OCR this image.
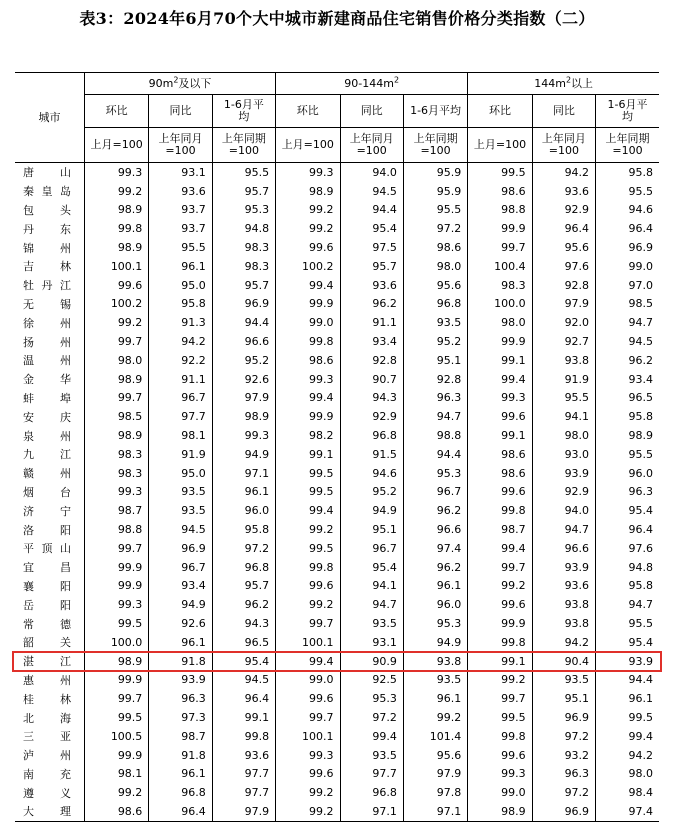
表3：2024年6月70个大中城市新建商品住宅销售价格分类指数（二）
城市	$90m^2$及以下			$90-144m^2$			$144m^2$以上		
	环比	同比	1-6月平均	环比	同比	1-6月平均	环比	同比	1-6月平均
	上月=100	上年同月=100	上年同期=100	上月=100	上年同月=100	上年同期=100	上月=100	上年同月=100	上年同期=100

唐 山	99.3	93.1	95.5	99.3	94.0	95.9	99.5	94.2	95.8

秦 皇 岛	99.2	93.6	95.7	98.9	94.5	95.9	98.6	93.6	95.5

包 头	98.9	93.7	95.3	99.2	94.4	95.5	98.8	92.9	94.6

丹 东	99.8	93.7	94.8	99.2	95.4	97.2	99.9	96.4	96.4

锦 州	98.9	95.5	98.3	99.6	97.5	98.6	99.7	95.6	96.9

吉 林	100.1	96.1	98.3	100.2	95.7	98.0	100.4	97.6	99.0

牡 丹 江	99.6	95.0	95.7	99.4	93.6	95.6	98.3	92.8	97.0

无 锡	100.2	95.8	96.9	99.9	96.2	96.8	100.0	97.9	98.5

徐 州	99.2	91.3	94.4	99.0	91.1	93.5	98.0	92.0	94.7

扬 州	99.7	94.2	96.6	99.8	93.4	95.2	99.9	92.7	94.5

温 州	98.0	92.2	95.2	98.6	92.8	95.1	99.1	93.8	96.2

金 华	98.9	91.1	92.6	99.3	90.7	92.8	99.4	91.9	93.4

蚌 埠	99.7	96.7	97.9	99.4	94.3	96.3	99.3	95.5	96.5

安 庆	98.5	97.7	98.9	99.9	92.9	94.7	99.6	94.1	95.8

泉 州	98.9	98.1	99.3	98.2	96.8	98.8	99.1	98.0	98.9

九 江	98.3	91.9	94.9	99.1	91.5	94.4	98.6	93.0	95.5

赣 州	98.3	95.0	97.1	99.5	94.6	95.3	98.6	93.9	96.0

烟 台	99.3	93.5	96.1	99.5	95.2	96.7	99.6	92.9	96.3

济 宁	98.7	93.5	96.0	99.4	94.9	96.2	99.8	94.0	95.4

洛 阳	98.8	94.5	95.8	99.2	95.1	96.6	98.7	94.7	96.4

平 顶 山	99.7	96.9	97.2	99.5	96.7	97.4	99.4	96.6	97.6

宜 昌	99.9	96.7	96.8	99.8	95.4	96.2	99.7	93.9	94.8

襄 阳	99.9	93.4	95.7	99.6	94.1	96.1	99.2	93.6	95.8

岳 阳	99.3	94.9	96.2	99.2	94.7	96.0	99.6	93.8	94.7

常 德	99.5	92.6	94.3	99.7	93.5	95.3	99.9	93.8	95.5

韶 关	100.0	96.1	96.5	100.1	93.1	94.9	99.8	94.2	95.4

湛 江	98.9	91.8	95.4	99.4	90.9	93.8	99.1	90.4	93.9

惠 州	99.9	93.9	94.5	99.0	92.5	93.5	99.2	93.5	94.4

桂 林	99.7	96.3	96.4	99.6	95.3	96.1	99.7	95.1	96.1

北 海	99.5	97.3	99.1	99.7	97.2	99.2	99.5	96.9	99.5

三 亚	100.5	98.7	99.8	100.1	99.4	101.4	99.8	97.2	99.4

泸 州	99.9	91.8	93.6	99.3	93.5	95.6	99.6	93.2	94.2

南 充	98.1	96.1	97.7	99.6	97.7	97.9	99.3	96.3	98.0

遵 义	99.2	96.8	97.7	99.2	96.8	97.8	99.0	97.2	98.4

大 理	98.6	96.4	97.9	99.2	97.1	97.1	98.9	96.9	97.4
